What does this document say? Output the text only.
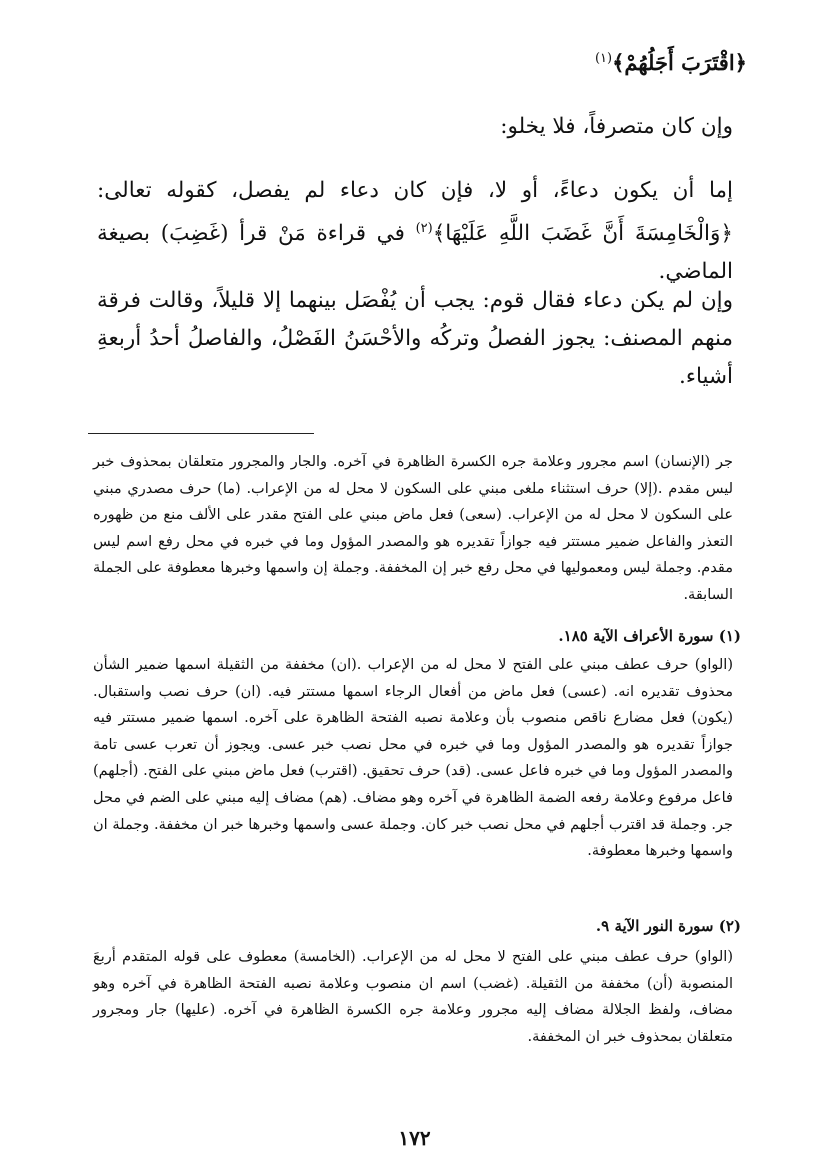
﴿اقْتَرَبَ أَجَلُهُمْ﴾$^{(١)}$
وإن كان متصرفاً، فلا يخلو:
إما أن يكون دعاءً، أو لا، فإن كان دعاء لم يفصل، كقوله تعالى: ﴿وَالْخَامِسَةَ أَنَّ غَضَبَ اللَّهِ عَلَيْهَا﴾$^{(٢)}$ في قراءة مَنْ قرأ (غَضِبَ) بصيغة الماضي.
وإن لم يكن دعاء فقال قوم: يجب أن يُفْصَل بينهما إلا قليلاً، وقالت فرقة منهم المصنف: يجوز الفصلُ وتركُه والأحْسَنُ الفَصْلُ، والفاصلُ أحدُ أربعةِ أشياء.
جر (الإنسان) اسم مجرور وعلامة جره الكسرة الظاهرة في آخره. والجار والمجرور متعلقان بمحذوف خبر ليس مقدم .(إلا) حرف استثناء ملغى مبني على السكون لا محل له من الإعراب. (ما) حرف مصدري مبني على السكون لا محل له من الإعراب. (سعى) فعل ماض مبني على الفتح مقدر على الألف منع من ظهوره التعذر والفاعل ضمير مستتر فيه جوازاً تقديره هو والمصدر المؤول وما في خبره في محل رفع اسم ليس مقدم. وجملة ليس ومعموليها في محل رفع خبر إن المخففة. وجملة إن واسمها وخبرها معطوفة على الجملة السابقة.
(١) سورة الأعراف الآية ١٨٥.
(الواو) حرف عطف مبني على الفتح لا محل له من الإعراب .(ان) مخففة من الثقيلة اسمها ضمير الشأن محذوف تقديره انه. (عسى) فعل ماض من أفعال الرجاء اسمها مستتر فيه. (ان) حرف نصب واستقبال. (يكون) فعل مضارع ناقص منصوب بأن وعلامة نصبه الفتحة الظاهرة على آخره. اسمها ضمير مستتر فيه جوازاً تقديره هو والمصدر المؤول وما في خبره في محل نصب خبر عسى. ويجوز أن تعرب عسى تامة والمصدر المؤول وما في خبره فاعل عسى. (قد) حرف تحقيق. (اقترب) فعل ماض مبني على الفتح. (أجلهم) فاعل مرفوع وعلامة رفعه الضمة الظاهرة في آخره وهو مضاف. (هم) مضاف إليه مبني على الضم في محل جر. وجملة قد اقترب أجلهم في محل نصب خبر كان. وجملة عسى واسمها وخبرها خبر ان مخففة. وجملة ان واسمها وخبرها معطوفة.
(٢) سورة النور الآية ٩.
(الواو) حرف عطف مبني على الفتح لا محل له من الإعراب. (الخامسة) معطوف على قوله المتقدم أربعَ المنصوبة (أن) مخففة من الثقيلة. (غضب) اسم ان منصوب وعلامة نصبه الفتحة الظاهرة في آخره وهو مضاف، ولفظ الجلالة مضاف إليه مجرور وعلامة جره الكسرة الظاهرة في آخره. (عليها) جار ومجرور متعلقان بمحذوف خبر ان المخففة.
١٧٢
